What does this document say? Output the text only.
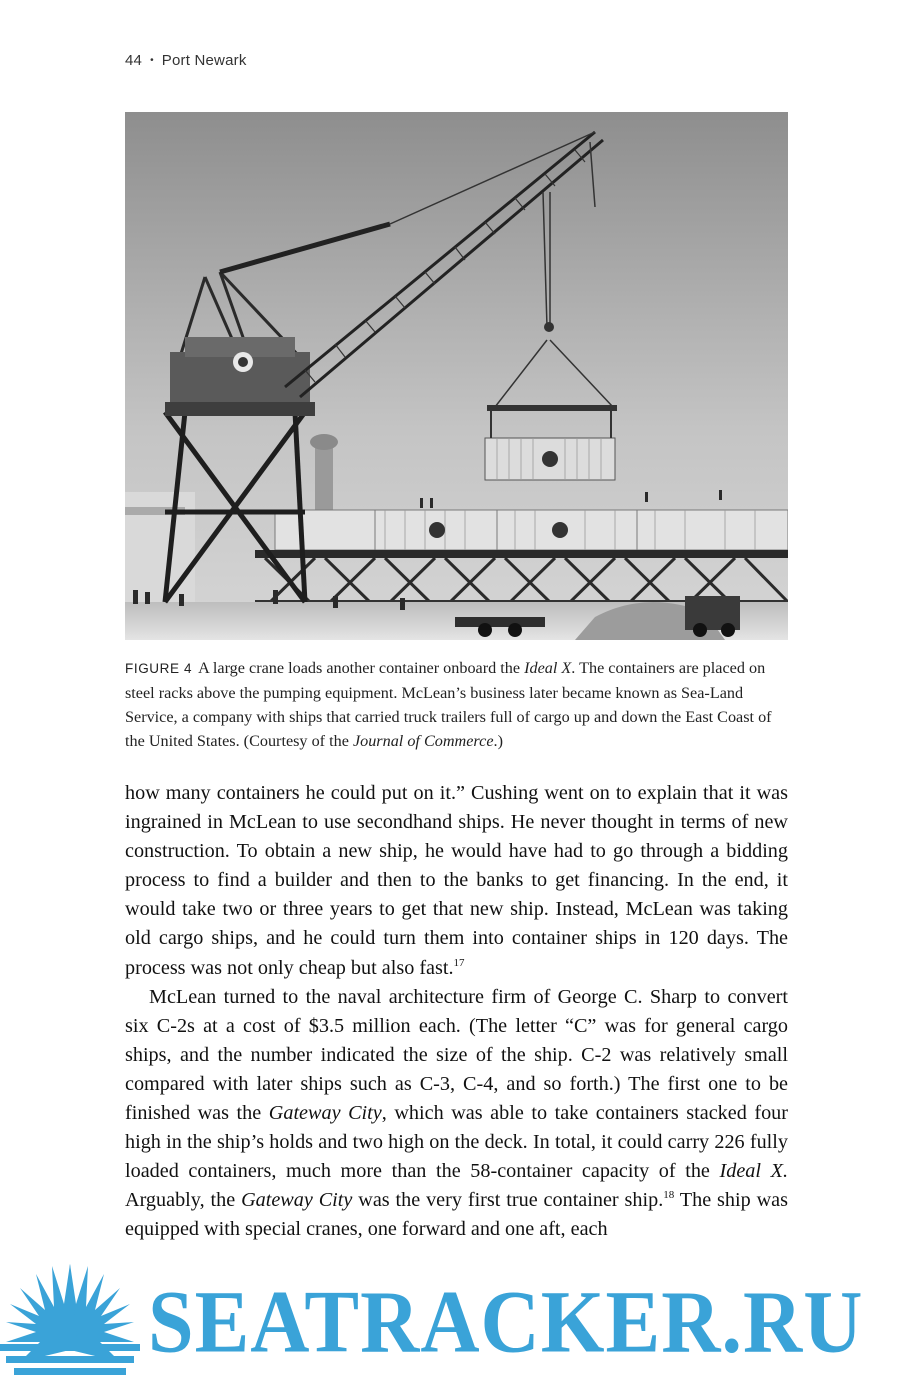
44 • Port Newark
FIGURE 4 A large crane loads another container onboard the Ideal X. The containers are placed on steel racks above the pumping equipment. McLean’s business later became known as Sea-Land Service, a company with ships that carried truck trailers full of cargo up and down the East Coast of the United States. (Courtesy of the Journal of Commerce.)

how many containers he could put on it.” Cushing went on to explain that it was ingrained in McLean to use secondhand ships. He never thought in terms of new construction. To obtain a new ship, he would have had to go through a bidding process to find a builder and then to the banks to get financing. In the end, it would take two or three years to get that new ship. Instead, McLean was taking old cargo ships, and he could turn them into container ships in 120 days. The process was not only cheap but also fast.$^{17}$

McLean turned to the naval architecture firm of George C. Sharp to convert six C-2s at a cost of $3.5 million each. (The letter “C” was for general cargo ships, and the number indicated the size of the ship. C-2 was relatively small compared with later ships such as C-3, C-4, and so forth.) The first one to be finished was the Gateway City, which was able to take containers stacked four high in the ship’s holds and two high on the deck. In total, it could carry 226 fully loaded containers, much more than the 58-container capacity of the Ideal X. Arguably, the Gateway City was the very first true container ship.$^{18}$ The ship was equipped with special cranes, one forward and one aft, each

SEATRACKER.RU
